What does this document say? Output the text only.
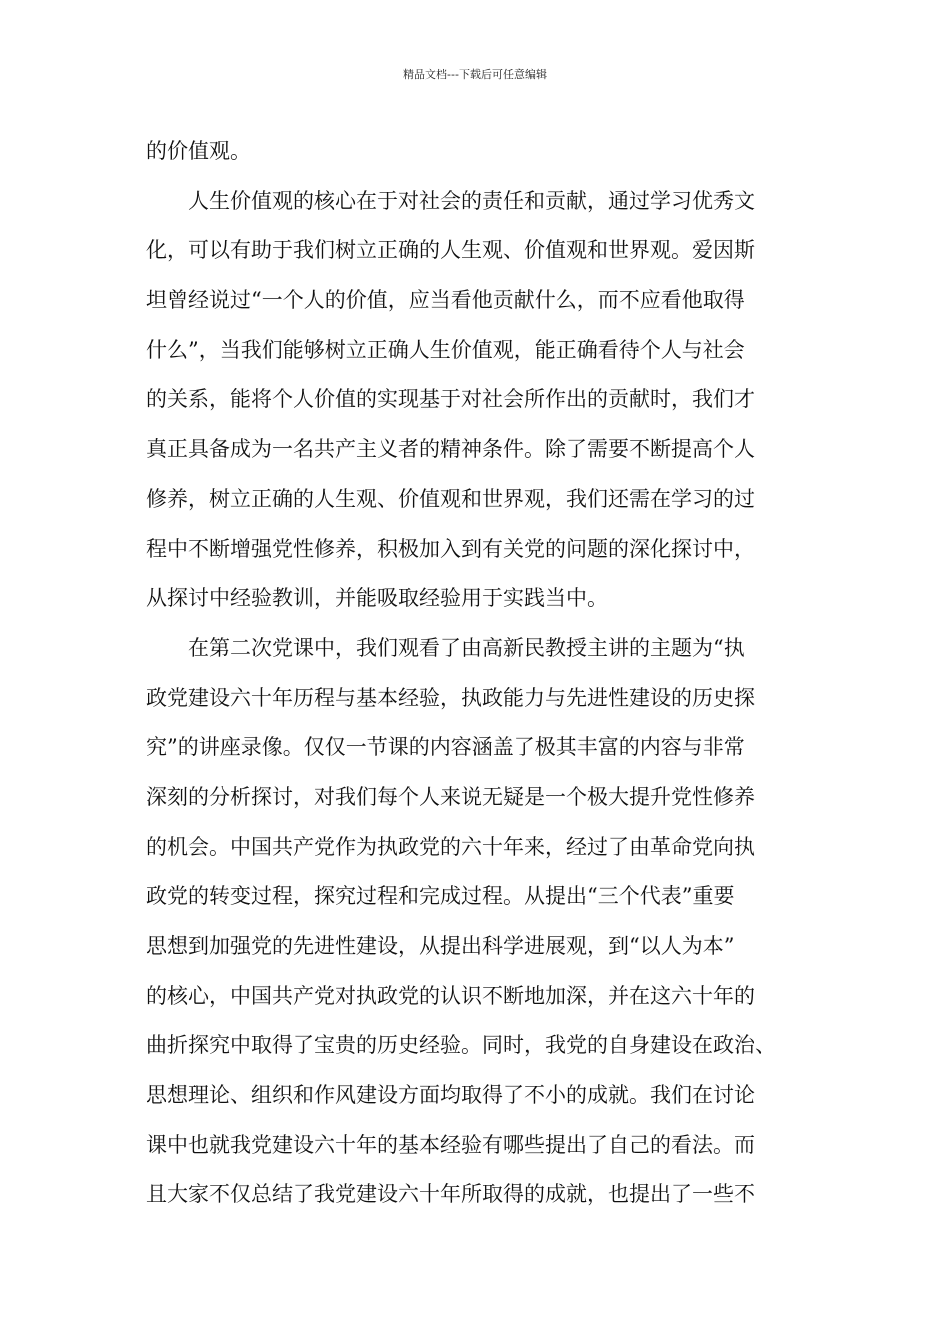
精品文档---下载后可任意编辑
的价值观。
人生价值观的核心在于对社会的责任和贡献，通过学习优秀文
化，可以有助于我们树立正确的人生观、价值观和世界观。爱因斯
坦曾经说过“一个人的价值，应当看他贡献什么，而不应看他取得
什么”，当我们能够树立正确人生价值观，能正确看待个人与社会
的关系，能将个人价值的实现基于对社会所作出的贡献时，我们才
真正具备成为一名共产主义者的精神条件。除了需要不断提高个人
修养，树立正确的人生观、价值观和世界观，我们还需在学习的过
程中不断增强党性修养，积极加入到有关党的问题的深化探讨中，
从探讨中经验教训，并能吸取经验用于实践当中。
在第二次党课中，我们观看了由高新民教授主讲的主题为“执
政党建设六十年历程与基本经验，执政能力与先进性建设的历史探
究”的讲座录像。仅仅一节课的内容涵盖了极其丰富的内容与非常
深刻的分析探讨，对我们每个人来说无疑是一个极大提升党性修养
的机会。中国共产党作为执政党的六十年来，经过了由革命党向执
政党的转变过程，探究过程和完成过程。从提出“三个代表”重要
思想到加强党的先进性建设，从提出科学进展观，到“以人为本”
的核心，中国共产党对执政党的认识不断地加深，并在这六十年的
曲折探究中取得了宝贵的历史经验。同时，我党的自身建设在政治、
思想理论、组织和作风建设方面均取得了不小的成就。我们在讨论
课中也就我党建设六十年的基本经验有哪些提出了自己的看法。而
且大家不仅总结了我党建设六十年所取得的成就，也提出了一些不
